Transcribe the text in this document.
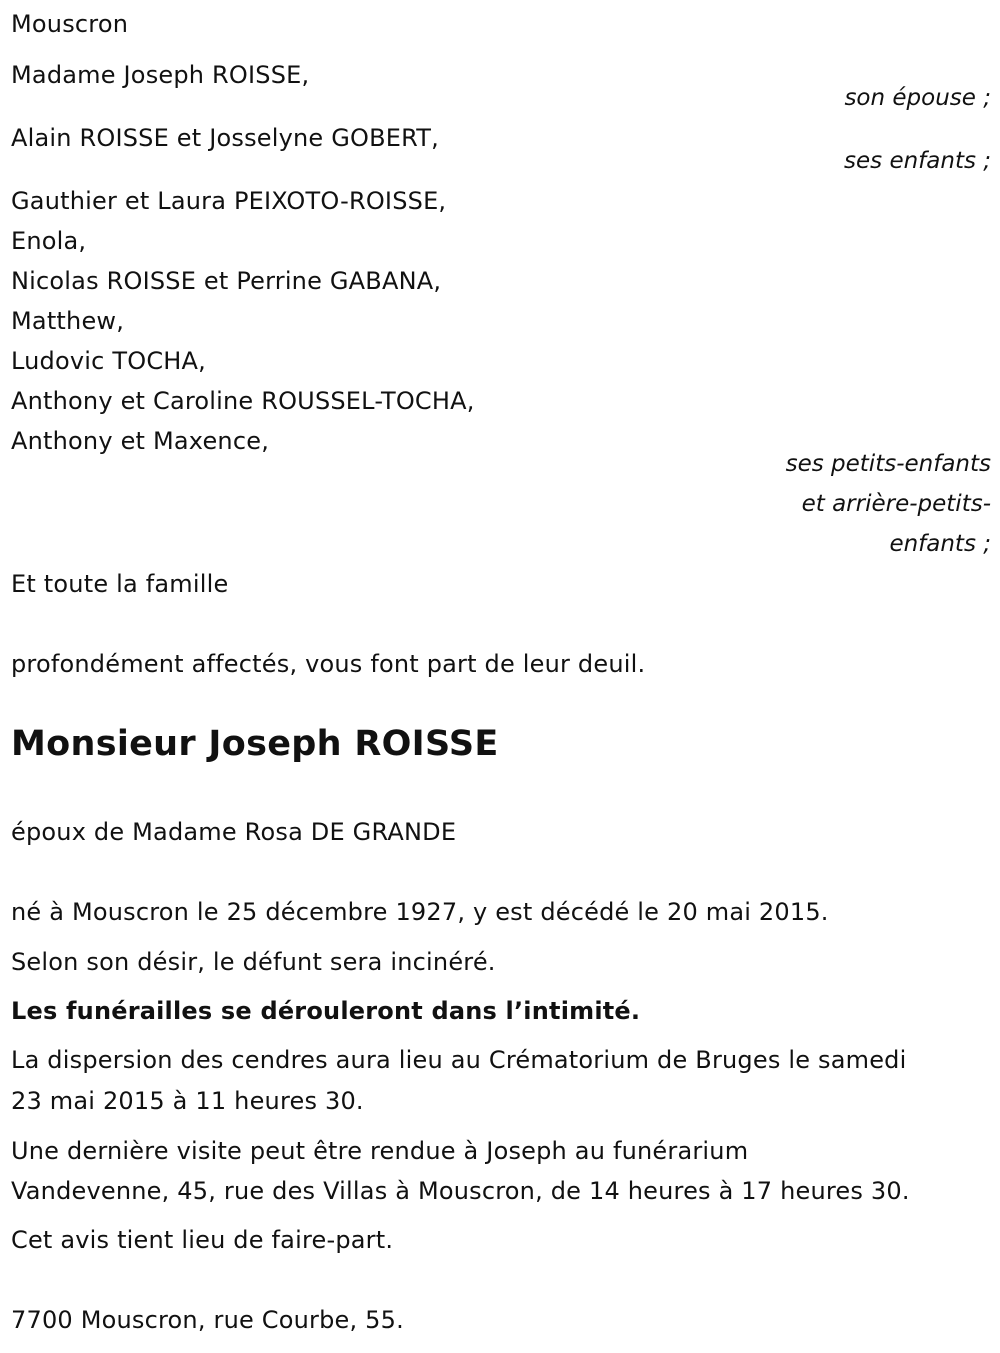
Mouscron
Madame Joseph ROISSE,
son épouse ;
Alain ROISSE et Josselyne GOBERT,
ses enfants ;
Gauthier et Laura PEIXOTO-ROISSE,
Enola,
Nicolas ROISSE et Perrine GABANA,
Matthew,
Ludovic TOCHA,
Anthony et Caroline ROUSSEL-TOCHA,
Anthony et Maxence,
ses petits-enfants
et arrière-petits-
enfants ;
Et toute la famille
profondément affectés, vous font part de leur deuil.
Monsieur Joseph ROISSE
époux de Madame Rosa DE GRANDE
né à Mouscron le 25 décembre 1927, y est décédé le 20 mai 2015.
Selon son désir, le défunt sera incinéré.
Les funérailles se dérouleront dans l’intimité.
La dispersion des cendres aura lieu au Crématorium de Bruges le samedi
23 mai 2015 à 11 heures 30.
Une dernière visite peut être rendue à Joseph au funérarium
Vandevenne, 45, rue des Villas à Mouscron, de 14 heures à 17 heures 30.
Cet avis tient lieu de faire-part.
7700 Mouscron, rue Courbe, 55.
